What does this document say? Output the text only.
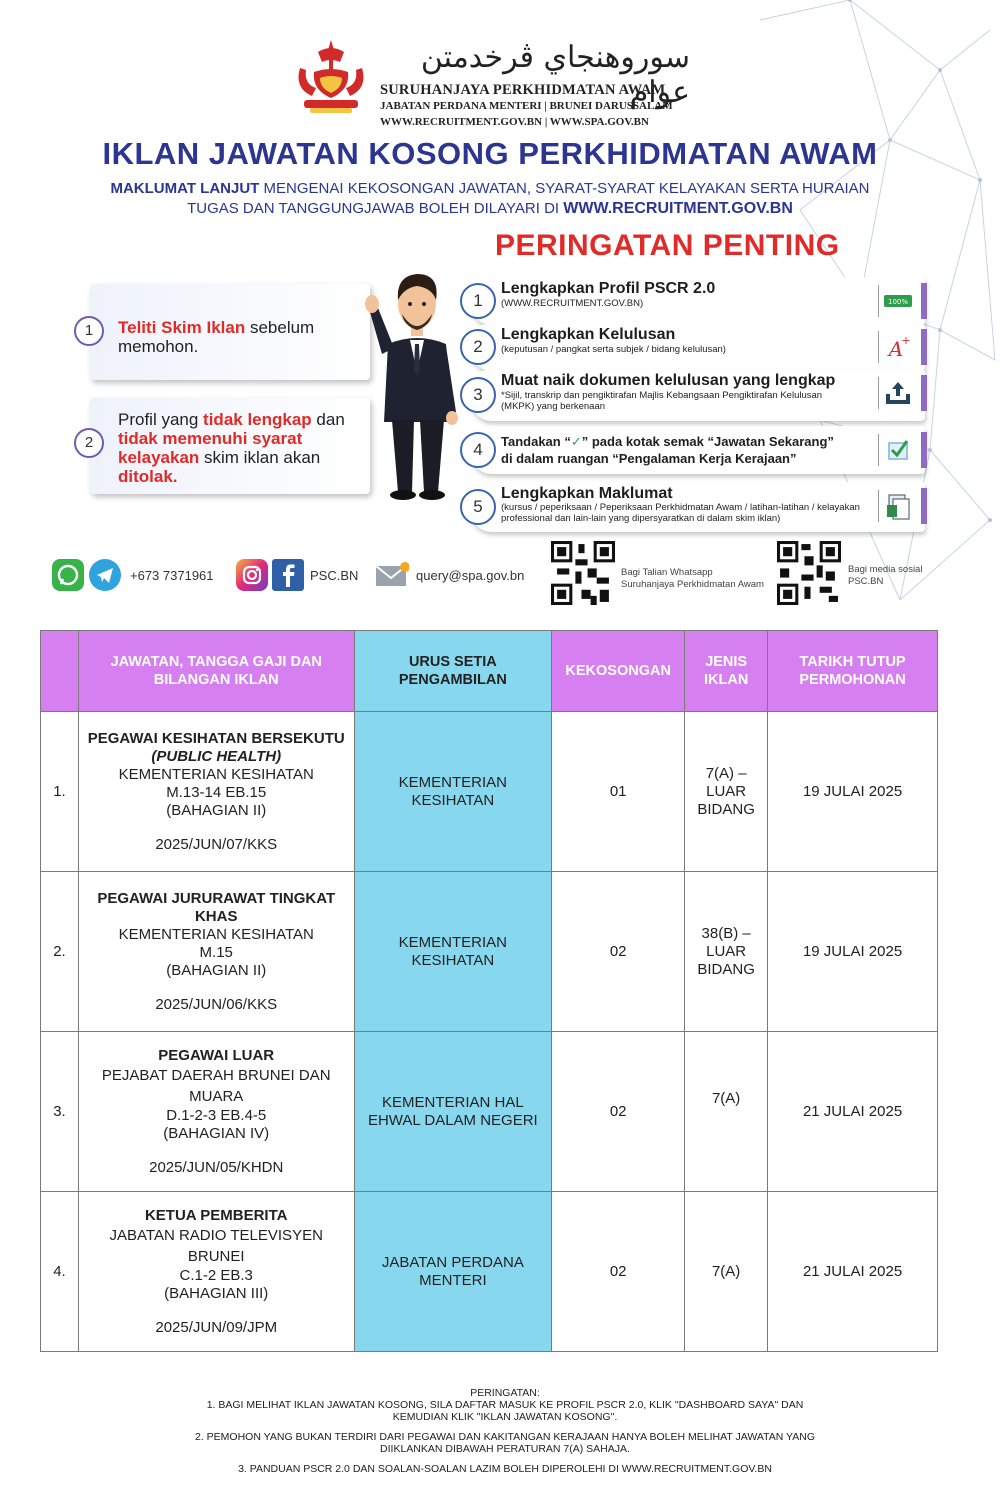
سوروهنجاي ڤرخدمتن عوام
SURUHANJAYA PERKHIDMATAN AWAM
JABATAN PERDANA MENTERI | BRUNEI DARUSSALAM
WWW.RECRUITMENT.GOV.BN | WWW.SPA.GOV.BN
IKLAN JAWATAN KOSONG PERKHIDMATAN AWAM
MAKLUMAT LANJUT MENGENAI KEKOSONGAN JAWATAN, SYARAT-SYARAT KELAYAKAN SERTA HURAIAN
TUGAS DAN TANGGUNGJAWAB BOLEH DILAYARI DI WWW.RECRUITMENT.GOV.BN
PERINGATAN PENTING
1	Teliti Skim Iklan sebelum memohon.
2
Profil yang tidak lengkap dan tidak memenuhi syarat kelayakan skim iklan akan ditolak.
1
Lengkapkan Profil PSCR 2.0
(WWW.RECRUITMENT.GOV.BN)	100%
2
Lengkapkan Kelulusan
(keputusan / pangkat serta subjek / bidang kelulusan)	A
+
3
Muat naik dokumen kelulusan yang lengkap
*Sijil, transkrip dan pengiktirafan Majlis Kebangsaan Pengiktirafan Kelulusan (MKPK) yang berkenaan
4	Tandakan “✓” pada kotak semak “Jawatan Sekarang”
di dalam ruangan “Pengalaman Kerja Kerajaan”
5
Lengkapkan Maklumat
(kursus / peperiksaan / Peperiksaan Perkhidmatan Awam / latihan-latihan / kelayakan professional dan lain-lain yang dipersyaratkan di dalam skim iklan)
+673 7371961	PSC.BN	query@spa.gov.bn	Bagi Talian Whatsapp
Suruhanjaya Perkhidmatan Awam
Bagi media sosial
PSC.BN
	JAWATAN, TANGGA GAJI DAN BILANGAN IKLAN	URUS SETIA PENGAMBILAN	KEKOSONGAN	JENIS IKLAN	TARIKH TUTUP PERMOHONAN
1.	PEGAWAI KESIHATAN BERSEKUTU (PUBLIC HEALTH)
KEMENTERIAN KESIHATAN
M.13-14 EB.15
(BAHAGIAN II)
2025/JUN/07/KKS	KEMENTERIAN KESIHATAN	01	7(A) – LUAR BIDANG	19 JULAI 2025
2.	PEGAWAI JURURAWAT TINGKAT KHAS
KEMENTERIAN KESIHATAN
M.15
(BAHAGIAN II)
2025/JUN/06/KKS	KEMENTERIAN KESIHATAN	02	38(B) – LUAR BIDANG	19 JULAI 2025
3.	PEGAWAI LUAR
PEJABAT DAERAH BRUNEI DAN MUARA
D.1-2-3 EB.4-5
(BAHAGIAN IV)
2025/JUN/05/KHDN	KEMENTERIAN HAL EHWAL DALAM NEGERI	02	7(A)	21 JULAI 2025
4.	KETUA PEMBERITA
JABATAN RADIO TELEVISYEN BRUNEI
C.1-2 EB.3
(BAHAGIAN III)
2025/JUN/09/JPM	JABATAN PERDANA MENTERI	02	7(A)	21 JULAI 2025
PERINGATAN:
1. BAGI MELIHAT IKLAN JAWATAN KOSONG, SILA DAFTAR MASUK KE PROFIL PSCR 2.0, KLIK "DASHBOARD SAYA" DAN KEMUDIAN KLIK "IKLAN JAWATAN KOSONG".
2. PEMOHON YANG BUKAN TERDIRI DARI PEGAWAI DAN KAKITANGAN KERAJAAN HANYA BOLEH MELIHAT JAWATAN YANG DIIKLANKAN DIBAWAH PERATURAN 7(A) SAHAJA.
3. PANDUAN PSCR 2.0 DAN SOALAN-SOALAN LAZIM BOLEH DIPEROLEHI DI WWW.RECRUITMENT.GOV.BN
